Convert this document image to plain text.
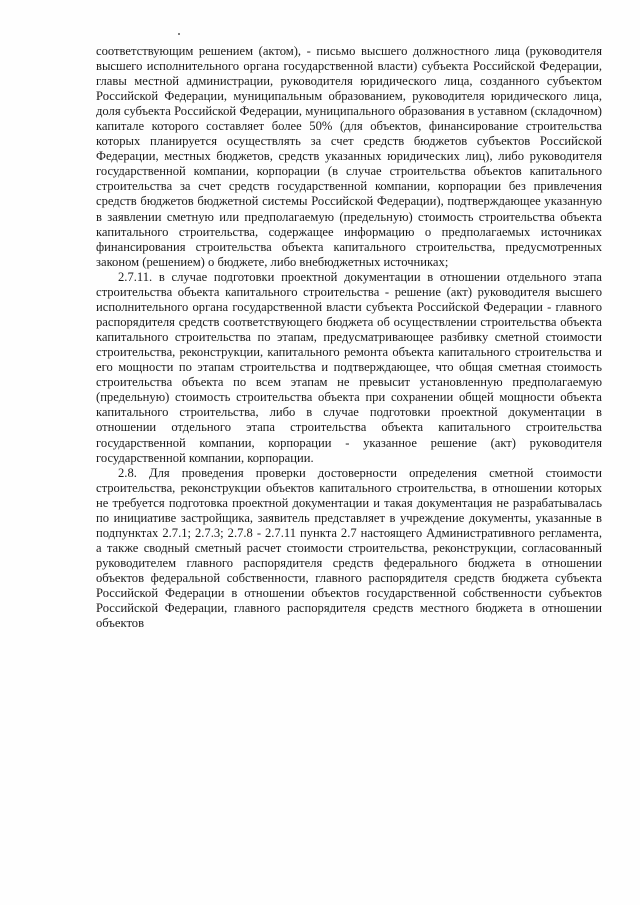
соответствующим решением (актом), - письмо высшего должностного лица (руководителя высшего исполнительного органа государственной власти) субъекта Российской Федерации, главы местной администрации, руководителя юридического лица, созданного субъектом Российской Федерации, муниципальным образованием, руководителя юридического лица, доля субъекта Российской Федерации, муниципального образования в уставном (складочном) капитале которого составляет более 50% (для объектов, финансирование строительства которых планируется осуществлять за счет средств бюджетов субъектов Российской Федерации, местных бюджетов, средств указанных юридических лиц), либо руководителя государственной компании, корпорации (в случае строительства объектов капитального строительства за счет средств государственной компании, корпорации без привлечения средств бюджетов бюджетной системы Российской Федерации), подтверждающее указанную в заявлении сметную или предполагаемую (предельную) стоимость строительства объекта капитального строительства, содержащее информацию о предполагаемых источниках финансирования строительства объекта капитального строительства, предусмотренных законом (решением) о бюджете, либо внебюджетных источниках;

2.7.11. в случае подготовки проектной документации в отношении отдельного этапа строительства объекта капитального строительства - решение (акт) руководителя высшего исполнительного органа государственной власти субъекта Российской Федерации - главного распорядителя средств соответствующего бюджета об осуществлении строительства объекта капитального строительства по этапам, предусматривающее разбивку сметной стоимости строительства, реконструкции, капитального ремонта объекта капитального строительства и его мощности по этапам строительства и подтверждающее, что общая сметная стоимость строительства объекта по всем этапам не превысит установленную предполагаемую (предельную) стоимость строительства объекта при сохранении общей мощности объекта капитального строительства, либо в случае подготовки проектной документации в отношении отдельного этапа строительства объекта капитального строительства государственной компании, корпорации - указанное решение (акт) руководителя государственной компании, корпорации.

2.8. Для проведения проверки достоверности определения сметной стоимости строительства, реконструкции объектов капитального строительства, в отношении которых не требуется подготовка проектной документации и такая документация не разрабатывалась по инициативе застройщика, заявитель представляет в учреждение документы, указанные в подпунктах 2.7.1; 2.7.3; 2.7.8 - 2.7.11 пункта 2.7 настоящего Административного регламента, а также сводный сметный расчет стоимости строительства, реконструкции, согласованный руководителем главного распорядителя средств федерального бюджета в отношении объектов федеральной собственности, главного распорядителя средств бюджета субъекта Российской Федерации в отношении объектов государственной собственности субъектов Российской Федерации, главного распорядителя средств местного бюджета в отношении объектов
